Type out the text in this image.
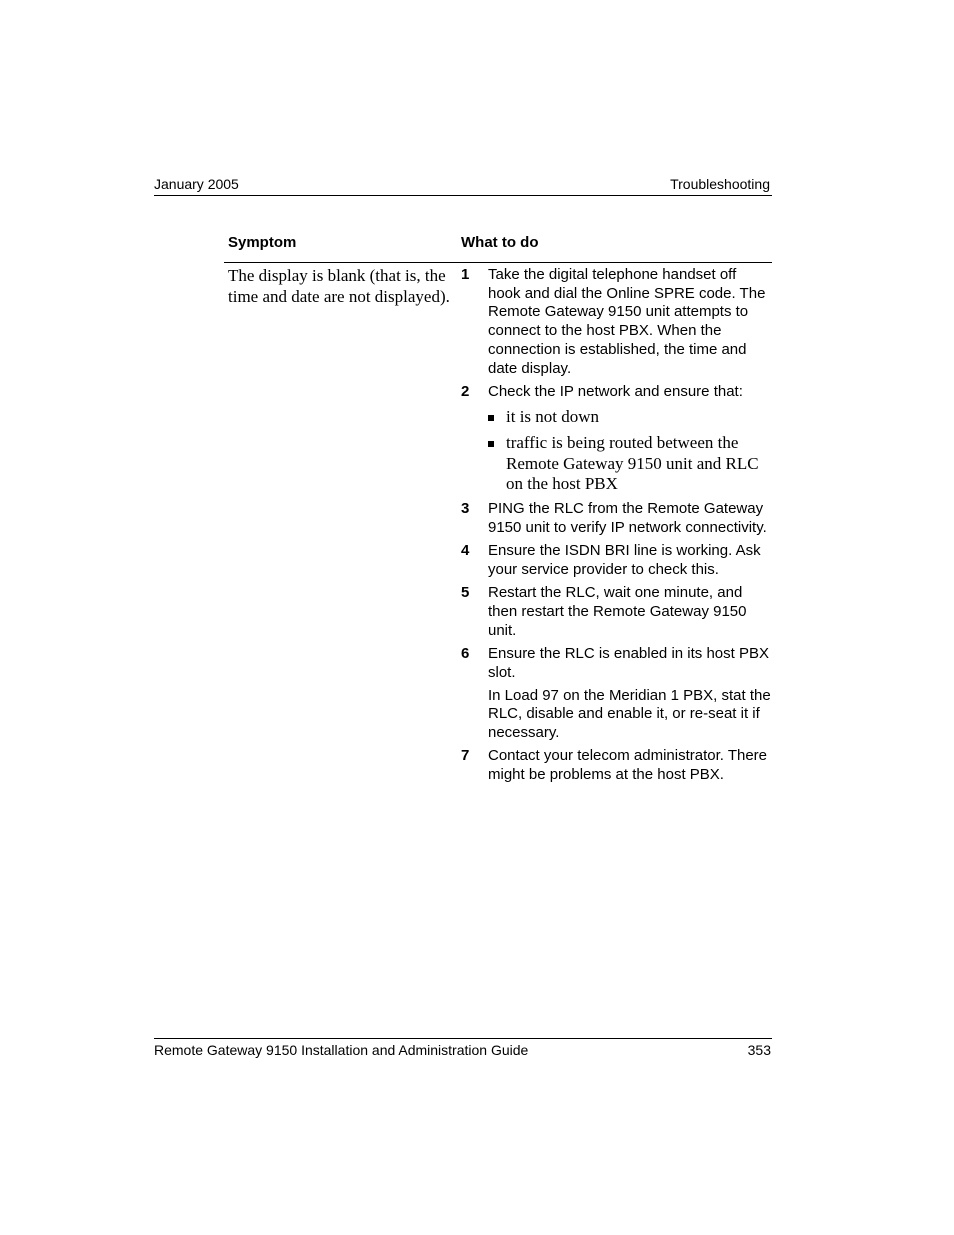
January 2005	Troubleshooting
Symptom	What to do
The display is blank (that is, the time and date are not displayed).
1 Take the digital telephone handset off hook and dial the Online SPRE code. The Remote Gateway 9150 unit attempts to connect to the host PBX. When the connection is established, the time and date display.
2 Check the IP network and ensure that:
it is not down
traffic is being routed between the Remote Gateway 9150 unit and RLC on the host PBX
3 PING the RLC from the Remote Gateway 9150 unit to verify IP network connectivity.
4 Ensure the ISDN BRI line is working. Ask your service provider to check this.
5 Restart the RLC, wait one minute, and then restart the Remote Gateway 9150 unit.
6 Ensure the RLC is enabled in its host PBX slot.
In Load 97 on the Meridian 1 PBX, stat the RLC, disable and enable it, or re-seat it if necessary.
7 Contact your telecom administrator. There might be problems at the host PBX.
Remote Gateway 9150 Installation and Administration Guide	353
